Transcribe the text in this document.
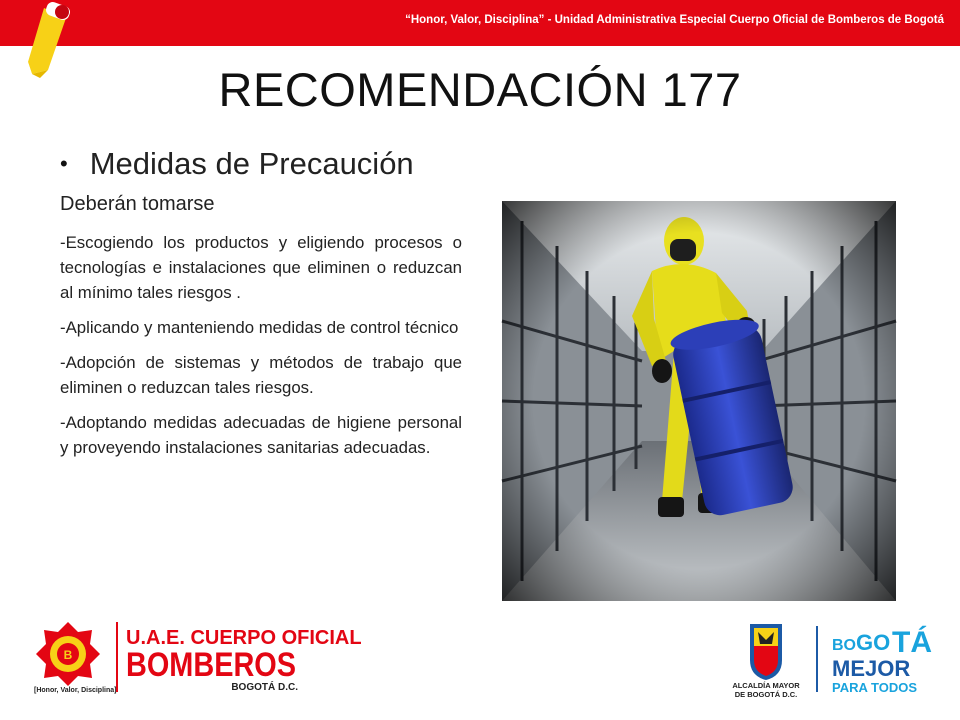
“Honor, Valor, Disciplina” - Unidad Administrativa Especial Cuerpo Oficial de Bomberos de Bogotá
RECOMENDACIÓN 177
• Medidas de Precaución
Deberán tomarse

-Escogiendo los productos y eligiendo procesos o tecnologías e instalaciones que eliminen o reduzcan al mínimo tales riesgos .

-Aplicando y manteniendo medidas de control técnico

-Adopción de sistemas y métodos de trabajo que eliminen o reduzcan tales riesgos.

-Adoptando medidas adecuadas de higiene personal y proveyendo instalaciones sanitarias adecuadas.

B
[Honor, Valor, Disciplina]
U.A.E. CUERPO OFICIAL
BOMBEROS
BOGOTÁ D.C.	ALCALDÍA MAYOR
DE BOGOTÁ D.C.
BO GO TÁ
MEJOR
PARA TODOS
